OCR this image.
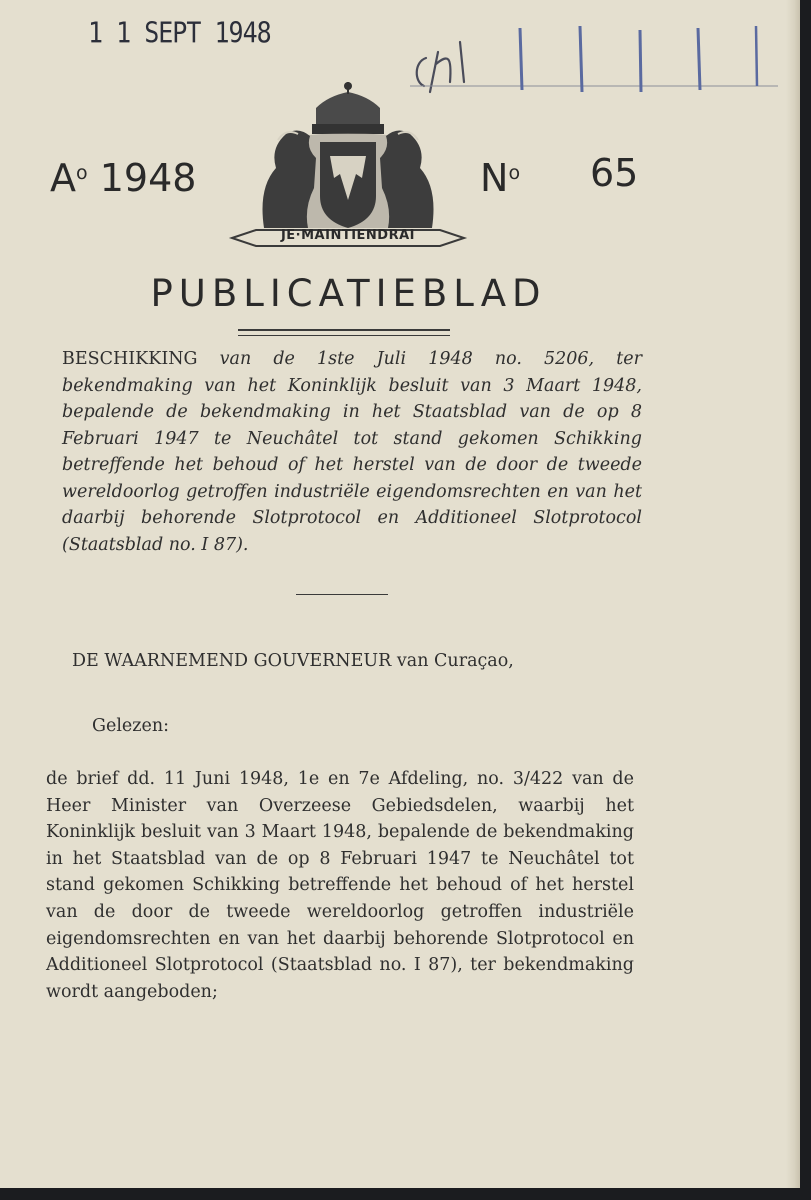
1 1 SEPT 1948
$A^o$ 1948	$N^o$ 65
JE·MAINTIENDRAI
PUBLICATIEBLAD
BESCHIKKING van de 1ste Juli 1948 no. 5206, ter bekendmaking van het Koninklijk besluit van 3 Maart 1948, bepalende de bekendmaking in het Staatsblad van de op 8 Februari 1947 te Neuchâtel tot stand gekomen Schikking betreffende het behoud of het herstel van de door de tweede wereldoorlog getroffen industriële eigendomsrechten en van het daarbij behorende Slotprotocol en Additioneel Slotprotocol (Staatsblad no. I 87).
DE WAARNEMEND GOUVERNEUR van Curaçao,
Gelezen:
de brief dd. 11 Juni 1948, 1e en 7e Afdeling, no. 3/422 van de Heer Minister van Overzeese Gebiedsdelen, waarbij het Koninklijk besluit van 3 Maart 1948, bepalende de bekendmaking in het Staatsblad van de op 8 Februari 1947 te Neuchâtel tot stand gekomen Schikking betreffende het behoud of het herstel van de door de tweede wereldoorlog getroffen industriële eigendomsrechten en van het daarbij behorende Slotprotocol en Additioneel Slotprotocol (Staatsblad no. I 87), ter bekendmaking wordt aangeboden;
